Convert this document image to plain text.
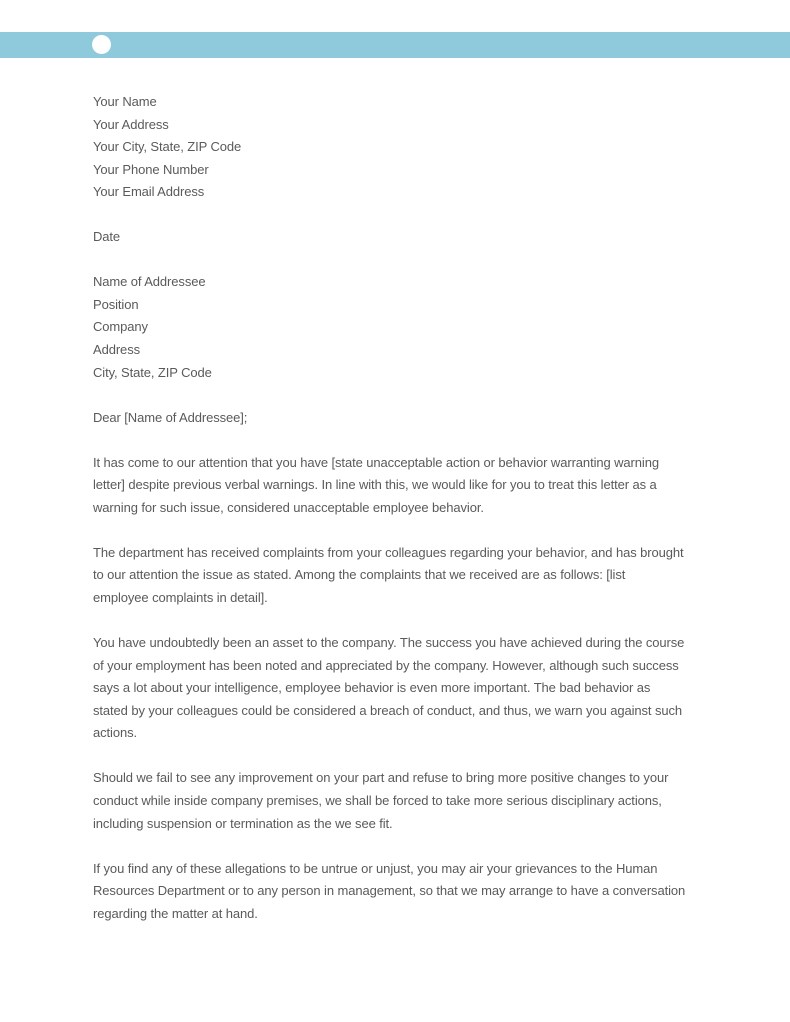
Your Name
Your Address
Your City, State, ZIP Code
Your Phone Number
Your Email Address
Date
Name of Addressee
Position
Company
Address
City, State, ZIP Code
Dear [Name of Addressee];
It has come to our attention that you have [state unacceptable action or behavior warranting warning
letter] despite previous verbal warnings. In line with this, we would like for you to treat this letter as a
warning for such issue, considered unacceptable employee behavior.
The department has received complaints from your colleagues regarding your behavior, and has brought
to our attention the issue as stated. Among the complaints that we received are as follows: [list
employee complaints in detail].
You have undoubtedly been an asset to the company. The success you have achieved during the course
of your employment has been noted and appreciated by the company. However, although such success
says a lot about your intelligence, employee behavior is even more important. The bad behavior as
stated by your colleagues could be considered a breach of conduct, and thus, we warn you against such
actions.
Should we fail to see any improvement on your part and refuse to bring more positive changes to your
conduct while inside company premises, we shall be forced to take more serious disciplinary actions,
including suspension or termination as the we see fit.
If you find any of these allegations to be untrue or unjust, you may air your grievances to the Human
Resources Department or to any person in management, so that we may arrange to have a conversation
regarding the matter at hand.
